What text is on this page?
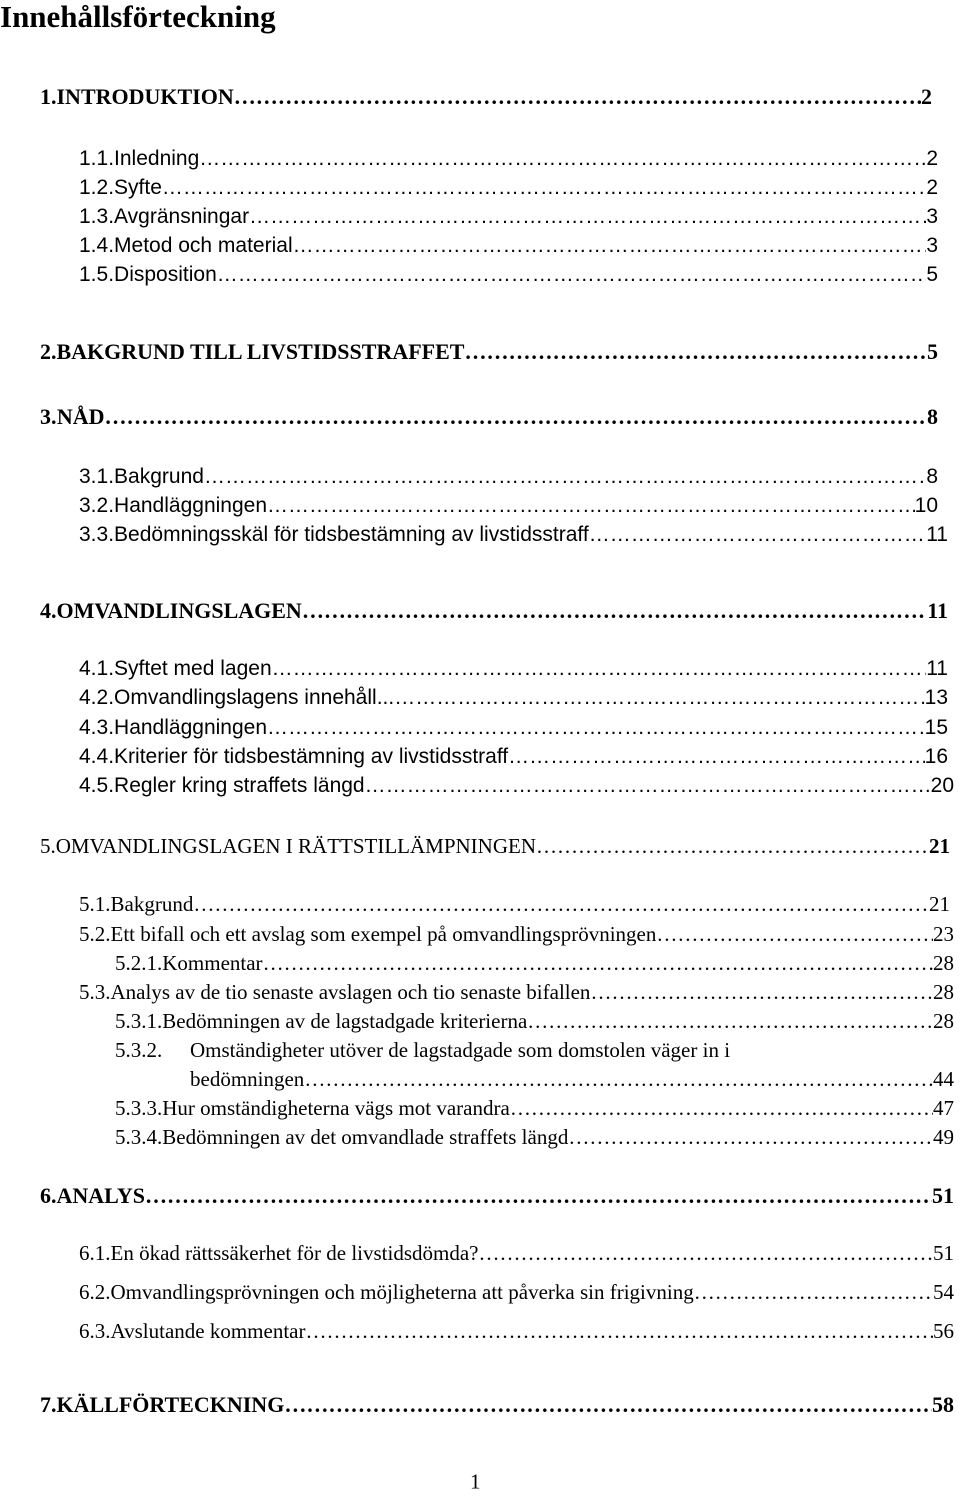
Innehållsförteckning
1. INTRODUKTION …………………………………………………………………………………………………………………………………………………………………………………………………………………………	2
1.1. Inledning …………………………………………………………………………………………………………………………………………………………………………………………………………………………	2
1.2. Syfte …………………………………………………………………………………………………………………………………………………………………………………………………………………………	2
1.3. Avgränsningar …………………………………………………………………………………………………………………………………………………………………………………………………………………………	3
1.4. Metod och material …………………………………………………………………………………………………………………………………………………………………………………………………………………………	3
1.5. Disposition …………………………………………………………………………………………………………………………………………………………………………………………………………………………	5
2. BAKGRUND TILL LIVSTIDSSTRAFFET …………………………………………………………………………………………………………………………………………………………………………………………………………………………	5
3. NÅD …………………………………………………………………………………………………………………………………………………………………………………………………………………………	8
3.1. Bakgrund …………………………………………………………………………………………………………………………………………………………………………………………………………………………	8
3.2. Handläggningen …………………………………………………………………………………………………………………………………………………………………………………………………………………………	10
3.3. Bedömningsskäl för tidsbestämning av livstidsstraff …………………………………………………………………………………………………………………………………………………………………………………………………………………………	11
4. OMVANDLINGSLAGEN …………………………………………………………………………………………………………………………………………………………………………………………………………………………	11
4.1. Syftet med lagen …………………………………………………………………………………………………………………………………………………………………………………………………………………………	11
4.2. Omvandlingslagens innehåll... …………………………………………………………………………………………………………………………………………………………………………………………………………………………	13
4.3. Handläggningen …………………………………………………………………………………………………………………………………………………………………………………………………………………………	15
4.4. Kriterier för tidsbestämning av livstidsstraff …………………………………………………………………………………………………………………………………………………………………………………………………………………………	16
4.5. Regler kring straffets längd …………………………………………………………………………………………………………………………………………………………………………………………………………………………	20
5. OMVANDLINGSLAGEN I RÄTTSTILLÄMPNINGEN …………………………………………………………………………………………………………………………………………………………………………………………………………………………	21
5.1. Bakgrund …………………………………………………………………………………………………………………………………………………………………………………………………………………………	21
5.2. Ett bifall och ett avslag som exempel på omvandlingsprövningen …………………………………………………………………………………………………………………………………………………………………………………………………………………………	23
5.2.1. Kommentar …………………………………………………………………………………………………………………………………………………………………………………………………………………………	28
5.3. Analys av de tio senaste avslagen och tio senaste bifallen …………………………………………………………………………………………………………………………………………………………………………………………………………………………	28
5.3.1. Bedömningen av de lagstadgade kriterierna …………………………………………………………………………………………………………………………………………………………………………………………………………………………	28
5.3.2.	Omständigheter utöver de lagstadgade som domstolen väger in i
bedömningen …………………………………………………………………………………………………………………………………………………………………………………………………………………………	44
5.3.3. Hur omständigheterna vägs mot varandra …………………………………………………………………………………………………………………………………………………………………………………………………………………………	47
5.3.4. Bedömningen av det omvandlade straffets längd …………………………………………………………………………………………………………………………………………………………………………………………………………………………	49
6. ANALYS …………………………………………………………………………………………………………………………………………………………………………………………………………………………	51
6.1. En ökad rättssäkerhet för de livstidsdömda? …………………………………………………………………………………………………………………………………………………………………………………………………………………………	51
6.2. Omvandlingsprövningen och möjligheterna att påverka sin frigivning …………………………………………………………………………………………………………………………………………………………………………………………………………………………	54
6.3. Avslutande kommentar …………………………………………………………………………………………………………………………………………………………………………………………………………………………	56
7. KÄLLFÖRTECKNING …………………………………………………………………………………………………………………………………………………………………………………………………………………………	58
1
